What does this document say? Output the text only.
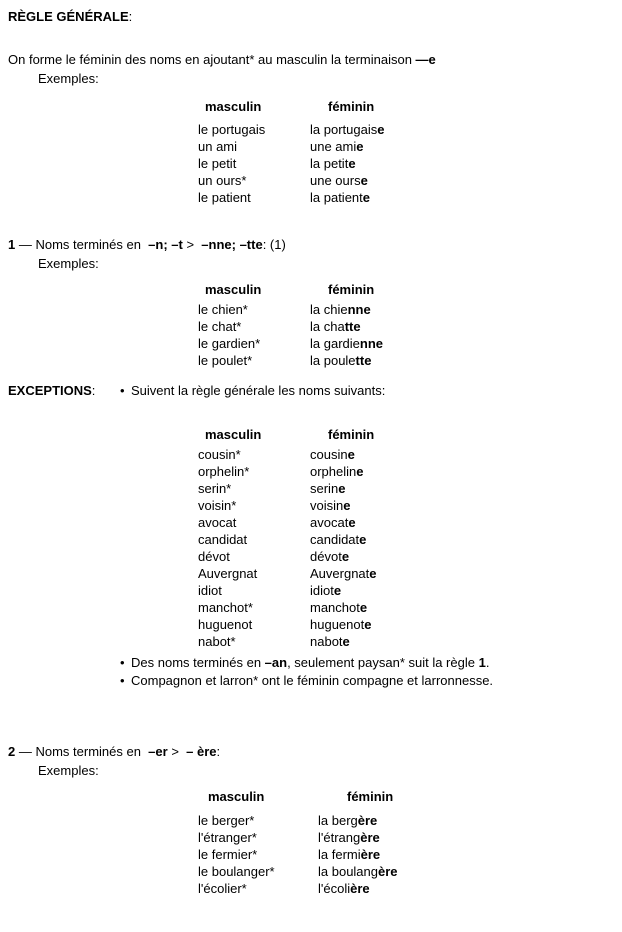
RÈGLE GÉNÉRALE:
On forme le féminin des noms en ajoutant* au masculin la terminaison —e
Exemples:
masculin	féminin
le portugais	la portugaise
un ami	une amie
le petit	la petite
un ours*	une ourse
le patient	la patiente
1 — Noms terminés en  –n; –t >  –nne; –tte: (1)
Exemples:
masculin	féminin
le chien*	la chienne
le chat*	la chatte
le gardien*	la gardienne
le poulet*	la poulette
EXCEPTIONS: • Suivent la règle générale les noms suivants:
masculin	féminin
cousin*	cousine
orphelin*	orpheline
serin*	serine
voisin*	voisine
avocat	avocate
candidat	candidate
dévot	dévote
Auvergnat	Auvergnate
idiot	idiote
manchot*	manchote
huguenot	huguenote
nabot*	nabote
• Des noms terminés en –an, seulement paysan* suit la règle 1.
• Compagnon et larron* ont le féminin compagne et larronnesse.
2 — Noms terminés en  –er >  – ère:
Exemples:
masculin	féminin
le berger*	la bergère
l'étranger*	l'étrangère
le fermier*	la fermière
le boulanger*	la boulangère
l'écolier*	l'écolière
